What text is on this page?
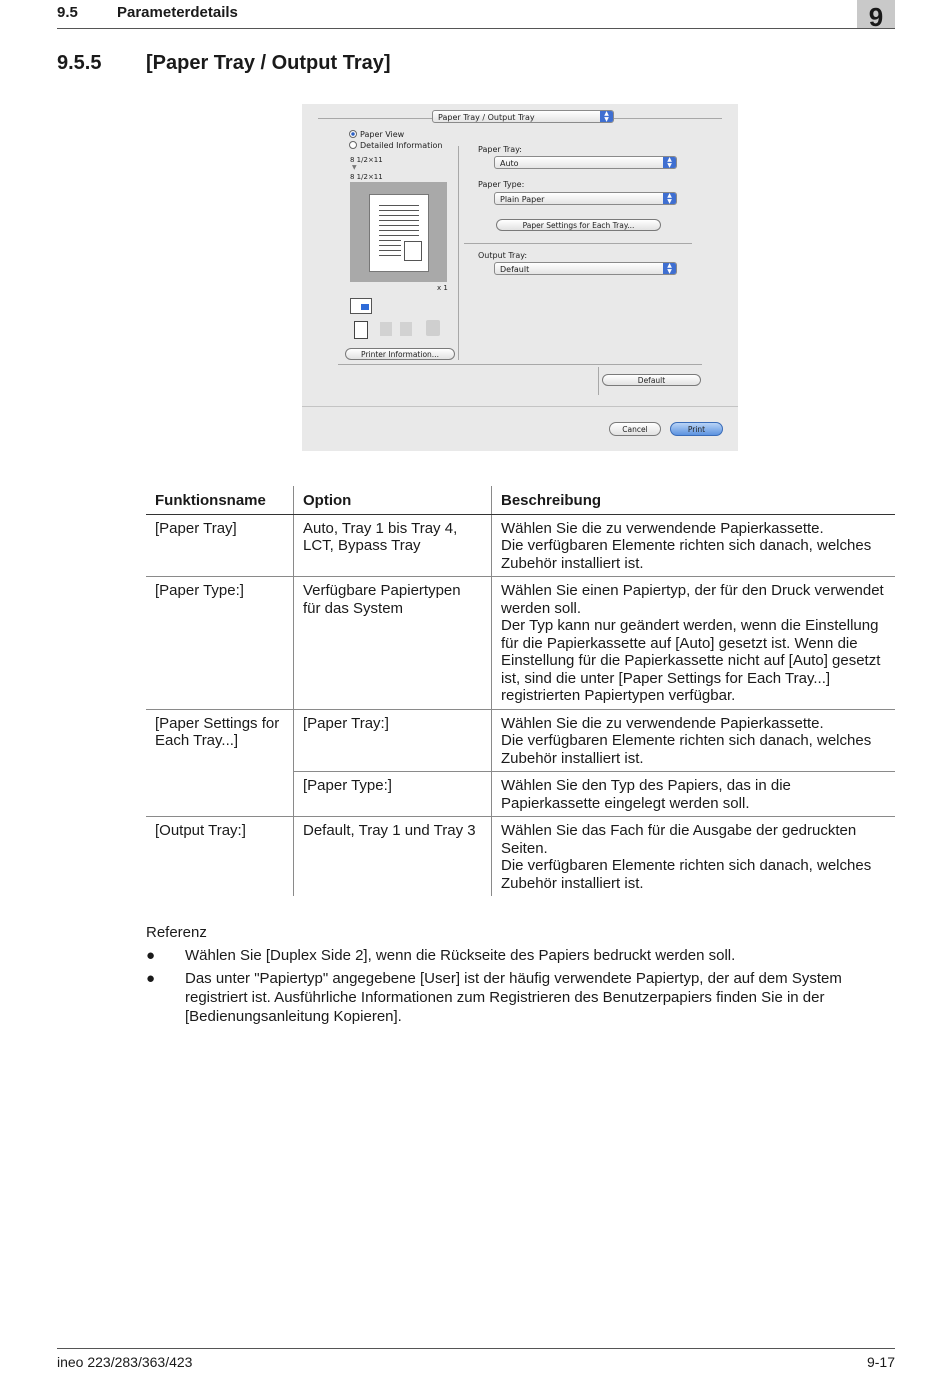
9.5	Parameterdetails	9
9.5.5 [Paper Tray / Output Tray]
Paper Tray / Output Tray	▲
▼
Paper View
Detailed Information
8 1/2×11
▼
8 1/2×11
x 1
Printer Information...
Paper Tray:
Auto	▲
▼
Paper Type:
Plain Paper	▲
▼
Paper Settings for Each Tray...
Output Tray:
Default	▲
▼
Default
Cancel	Print
Funktionsname	Option	Beschreibung
[Paper Tray]	Auto, Tray 1 bis Tray 4, LCT, Bypass Tray	Wählen Sie die zu verwendende Papierkassette.
Die verfügbaren Elemente richten sich danach, welches Zubehör installiert ist.

[Paper Type:]	Verfügbare Papiertypen für das System	Wählen Sie einen Papiertyp, der für den Druck verwendet werden soll.
Der Typ kann nur geändert werden, wenn die Einstellung für die Papierkassette auf [Auto] gesetzt ist. Wenn die Einstellung für die Papierkassette nicht auf [Auto] gesetzt ist, sind die unter [Paper Settings for Each Tray...] registrierten Papiertypen verfügbar.

[Paper Settings for Each Tray...]	[Paper Tray:]	Wählen Sie die zu verwendende Papierkassette.
Die verfügbaren Elemente richten sich danach, welches Zubehör installiert ist.

	[Paper Type:]	Wählen Sie den Typ des Papiers, das in die Papierkassette eingelegt werden soll.

[Output Tray:]	Default, Tray 1 und Tray 3	Wählen Sie das Fach für die Ausgabe der gedruckten Seiten.
Die verfügbaren Elemente richten sich danach, welches Zubehör installiert ist.
Referenz
● Wählen Sie [Duplex Side 2], wenn die Rückseite des Papiers bedruckt werden soll.
● Das unter "Papiertyp" angegebene [User] ist der häufig verwendete Papiertyp, der auf dem System registriert ist. Ausführliche Informationen zum Registrieren des Benutzerpapiers finden Sie in der [Bedienungsanleitung Kopieren].
ineo 223/283/363/423	9-17
